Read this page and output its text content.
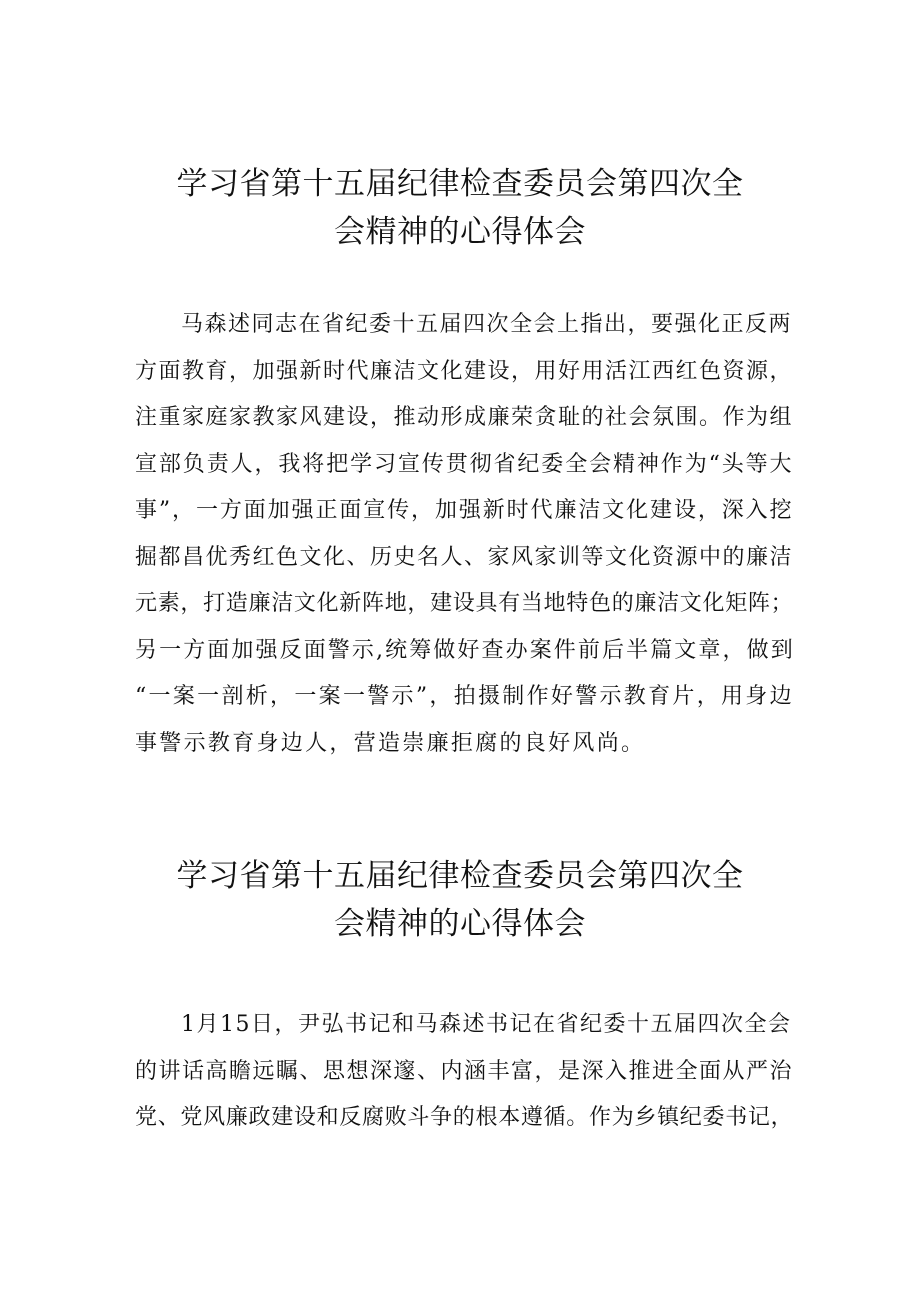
学习省第十五届纪律检查委员会第四次全
会精神的心得体会
马森述同志在省纪委十五届四次全会上指出，要强化正反两
方面教育，加强新时代廉洁文化建设，用好用活江西红色资源，
注重家庭家教家风建设，推动形成廉荣贪耻的社会氛围。作为组
宣部负责人，我将把学习宣传贯彻省纪委全会精神作为“头等大
事”，一方面加强正面宣传，加强新时代廉洁文化建设，深入挖
掘都昌优秀红色文化、历史名人、家风家训等文化资源中的廉洁
元素，打造廉洁文化新阵地，建设具有当地特色的廉洁文化矩阵；
另一方面加强反面警示,统筹做好查办案件前后半篇文章，做到
“一案一剖析，一案一警示”，拍摄制作好警示教育片，用身边
事警示教育身边人，营造崇廉拒腐的良好风尚。
学习省第十五届纪律检查委员会第四次全
会精神的心得体会
1月15日，尹弘书记和马森述书记在省纪委十五届四次全会
的讲话高瞻远瞩、思想深邃、内涵丰富，是深入推进全面从严治
党、党风廉政建设和反腐败斗争的根本遵循。作为乡镇纪委书记，
